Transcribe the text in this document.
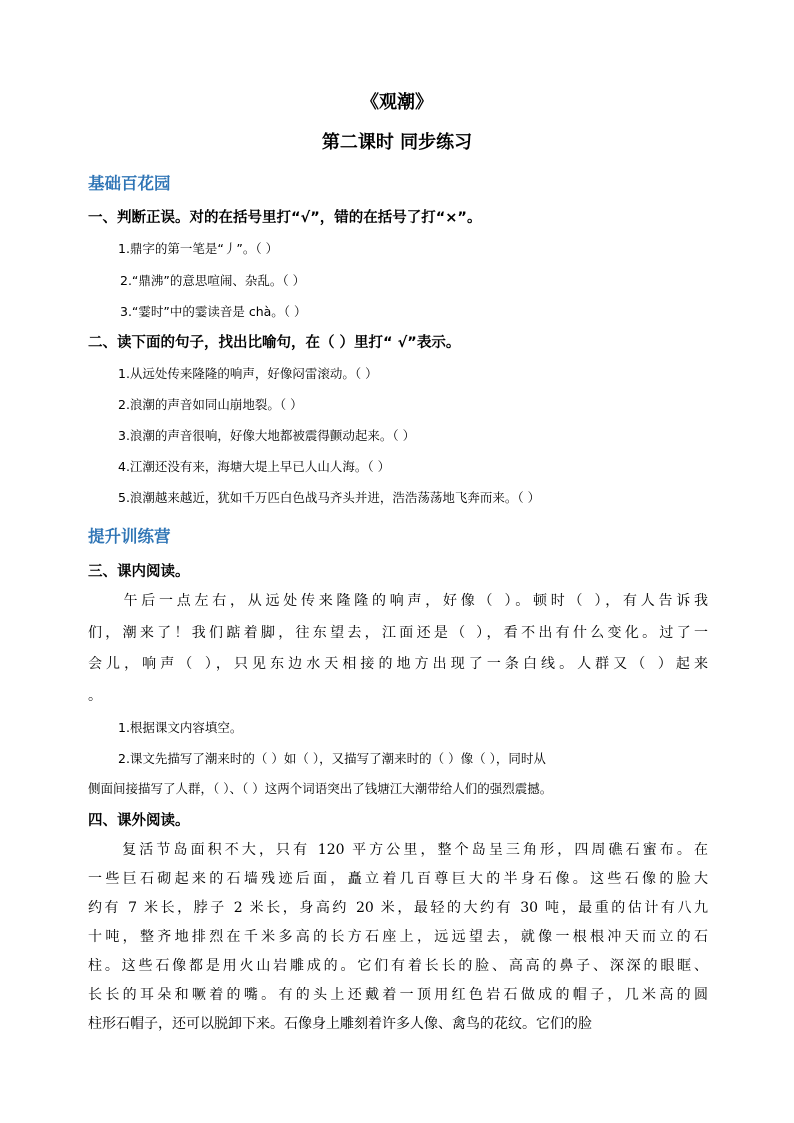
《观潮》
第二课时 同步练习
基础百花园
一、判断正误。对的在括号里打“√”，错的在括号了打“×”。
1.鼎字的第一笔是“丿”。（ ）
2.“鼎沸”的意思喧闹、杂乱。（ ）
3.“霎时”中的霎读音是 chà。（ ）
二、读下面的句子，找出比喻句，在（ ）里打“ √”表示。
1.从远处传来隆隆的响声，好像闷雷滚动。（ ）
2.浪潮的声音如同山崩地裂。（ ）
3.浪潮的声音很响，好像大地都被震得颤动起来。（ ）
4.江潮还没有来，海塘大堤上早已人山人海。（ ）
5.浪潮越来越近，犹如千万匹白色战马齐头并进，浩浩荡荡地飞奔而来。（ ）
提升训练营
三、课内阅读。
　　午后一点左右，从远处传来隆隆的响声，好像（ ）。顿时（ ），有人告诉我
们，潮来了！我们踮着脚，往东望去，江面还是（ ），看不出有什么变化。过了一
会儿，响声（ ），只见东边水天相接的地方出现了一条白线。人群又（ ）起来
。
1.根据课文内容填空。
2.课文先描写了潮来时的（ ）如（ ），又描写了潮来时的（ ）像（ ），同时从
侧面间接描写了人群，（ ）、（ ）这两个词语突出了钱塘江大潮带给人们的强烈震撼。
四、课外阅读。
　　复活节岛面积不大，只有 120 平方公里，整个岛呈三角形，四周礁石蜜布。在
一些巨石砌起来的石墙残迹后面，矗立着几百尊巨大的半身石像。这些石像的脸大
约有 7 米长，脖子 2 米长，身高约 20 米，最轻的大约有 30 吨，最重的估计有八九
十吨，整齐地排烈在千米多高的长方石座上，远远望去，就像一根根冲天而立的石
柱。这些石像都是用火山岩雕成的。它们有着长长的脸、高高的鼻子、深深的眼眶、
长长的耳朵和噘着的嘴。有的头上还戴着一顶用红色岩石做成的帽子，几米高的圆
柱形石帽子，还可以脱卸下来。石像身上雕刻着许多人像、禽鸟的花纹。它们的脸
